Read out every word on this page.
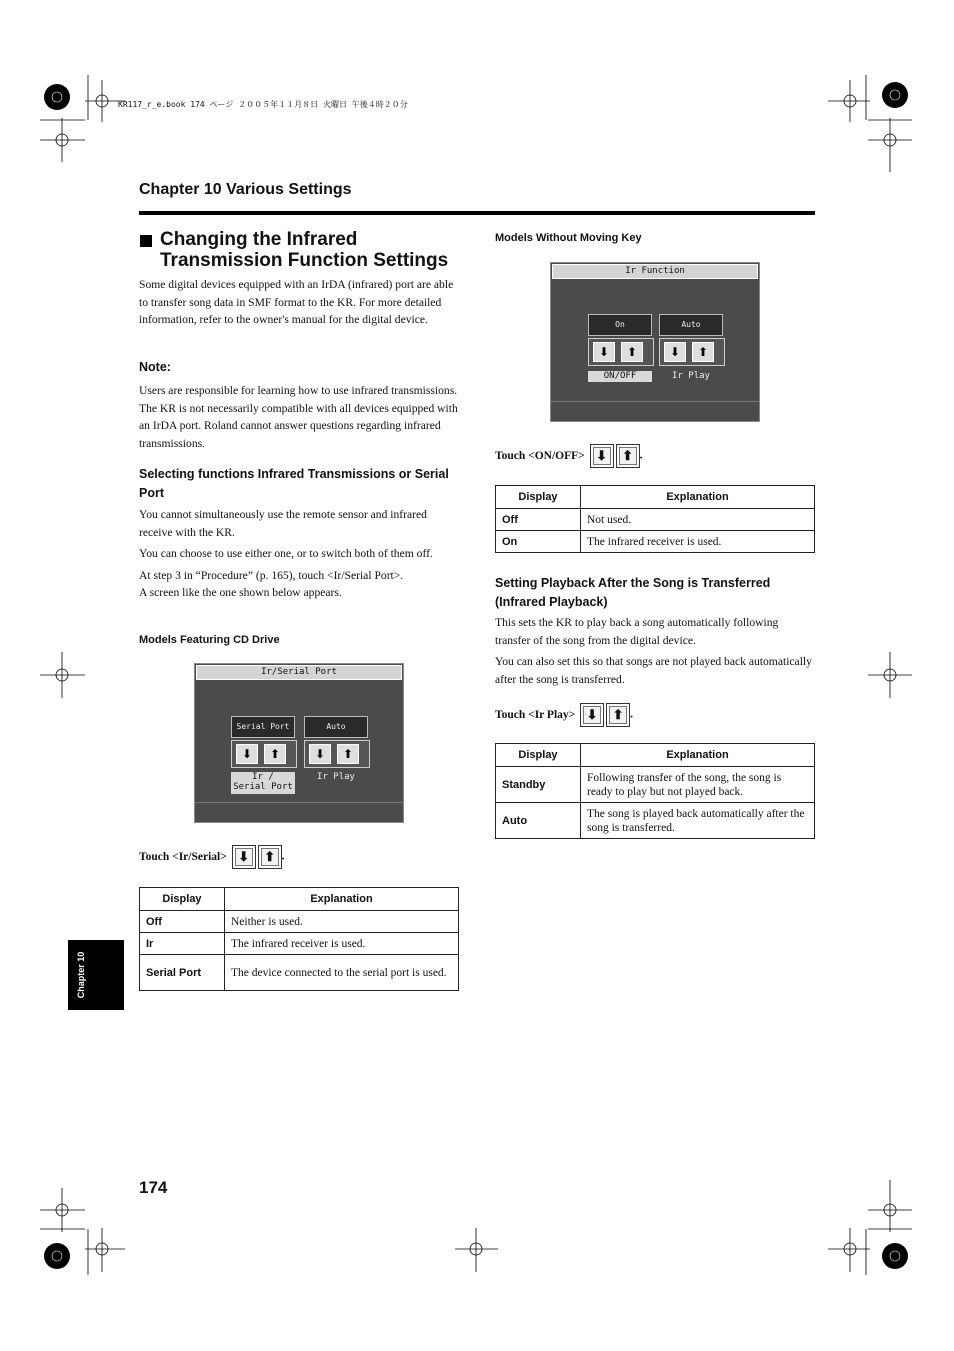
KR117_r_e.book 174 ページ ２００５年１１月８日 火曜日 午後４時２０分
Chapter 10 Various Settings
Changing the Infrared
Transmission Function Settings

Some digital devices equipped with an IrDA (infrared) port are able to transfer song data in SMF format to the KR. For more detailed information, refer to the owner's manual for the digital device.

Note:

Users are responsible for learning how to use infrared transmissions. The KR is not necessarily compatible with all devices equipped with an IrDA port. Roland cannot answer questions regarding infrared transmissions.

Selecting functions Infrared Transmissions or Serial Port

You cannot simultaneously use the remote sensor and infrared receive with the KR.

You can choose to use either one, or to switch both of them off.

At step 3 in “Procedure” (p. 165), touch <Ir/Serial Port>.

A screen like the one shown below appears.

Models Featuring CD Drive
Ir/Serial Port
Serial Port	Auto
⬇	⬆	⬇	⬆
Ir /
Serial Port
Ir Play
Touch <Ir/Serial> ⬇ ⬆ .
Display	Explanation
Off	Neither is used.
Ir	The infrared receiver is used.
Serial Port	The device connected to the serial port is used.
Chapter 10
174
Models Without Moving Key
Ir Function
On	Auto
⬇	⬆	⬇	⬆
ON/OFF	Ir Play
Touch <ON/OFF> ⬇ ⬆ .
Display	Explanation
Off	Not used.
On	The infrared receiver is used.
Setting Playback After the Song is Transferred (Infrared Playback)

This sets the KR to play back a song automatically following transfer of the song from the digital device.

You can also set this so that songs are not played back automatically after the song is transferred.

Touch <Ir Play> ⬇ ⬆ .
Display	Explanation
Standby	Following transfer of the song, the song is ready to play but not played back.
Auto	The song is played back automatically after the song is transferred.
